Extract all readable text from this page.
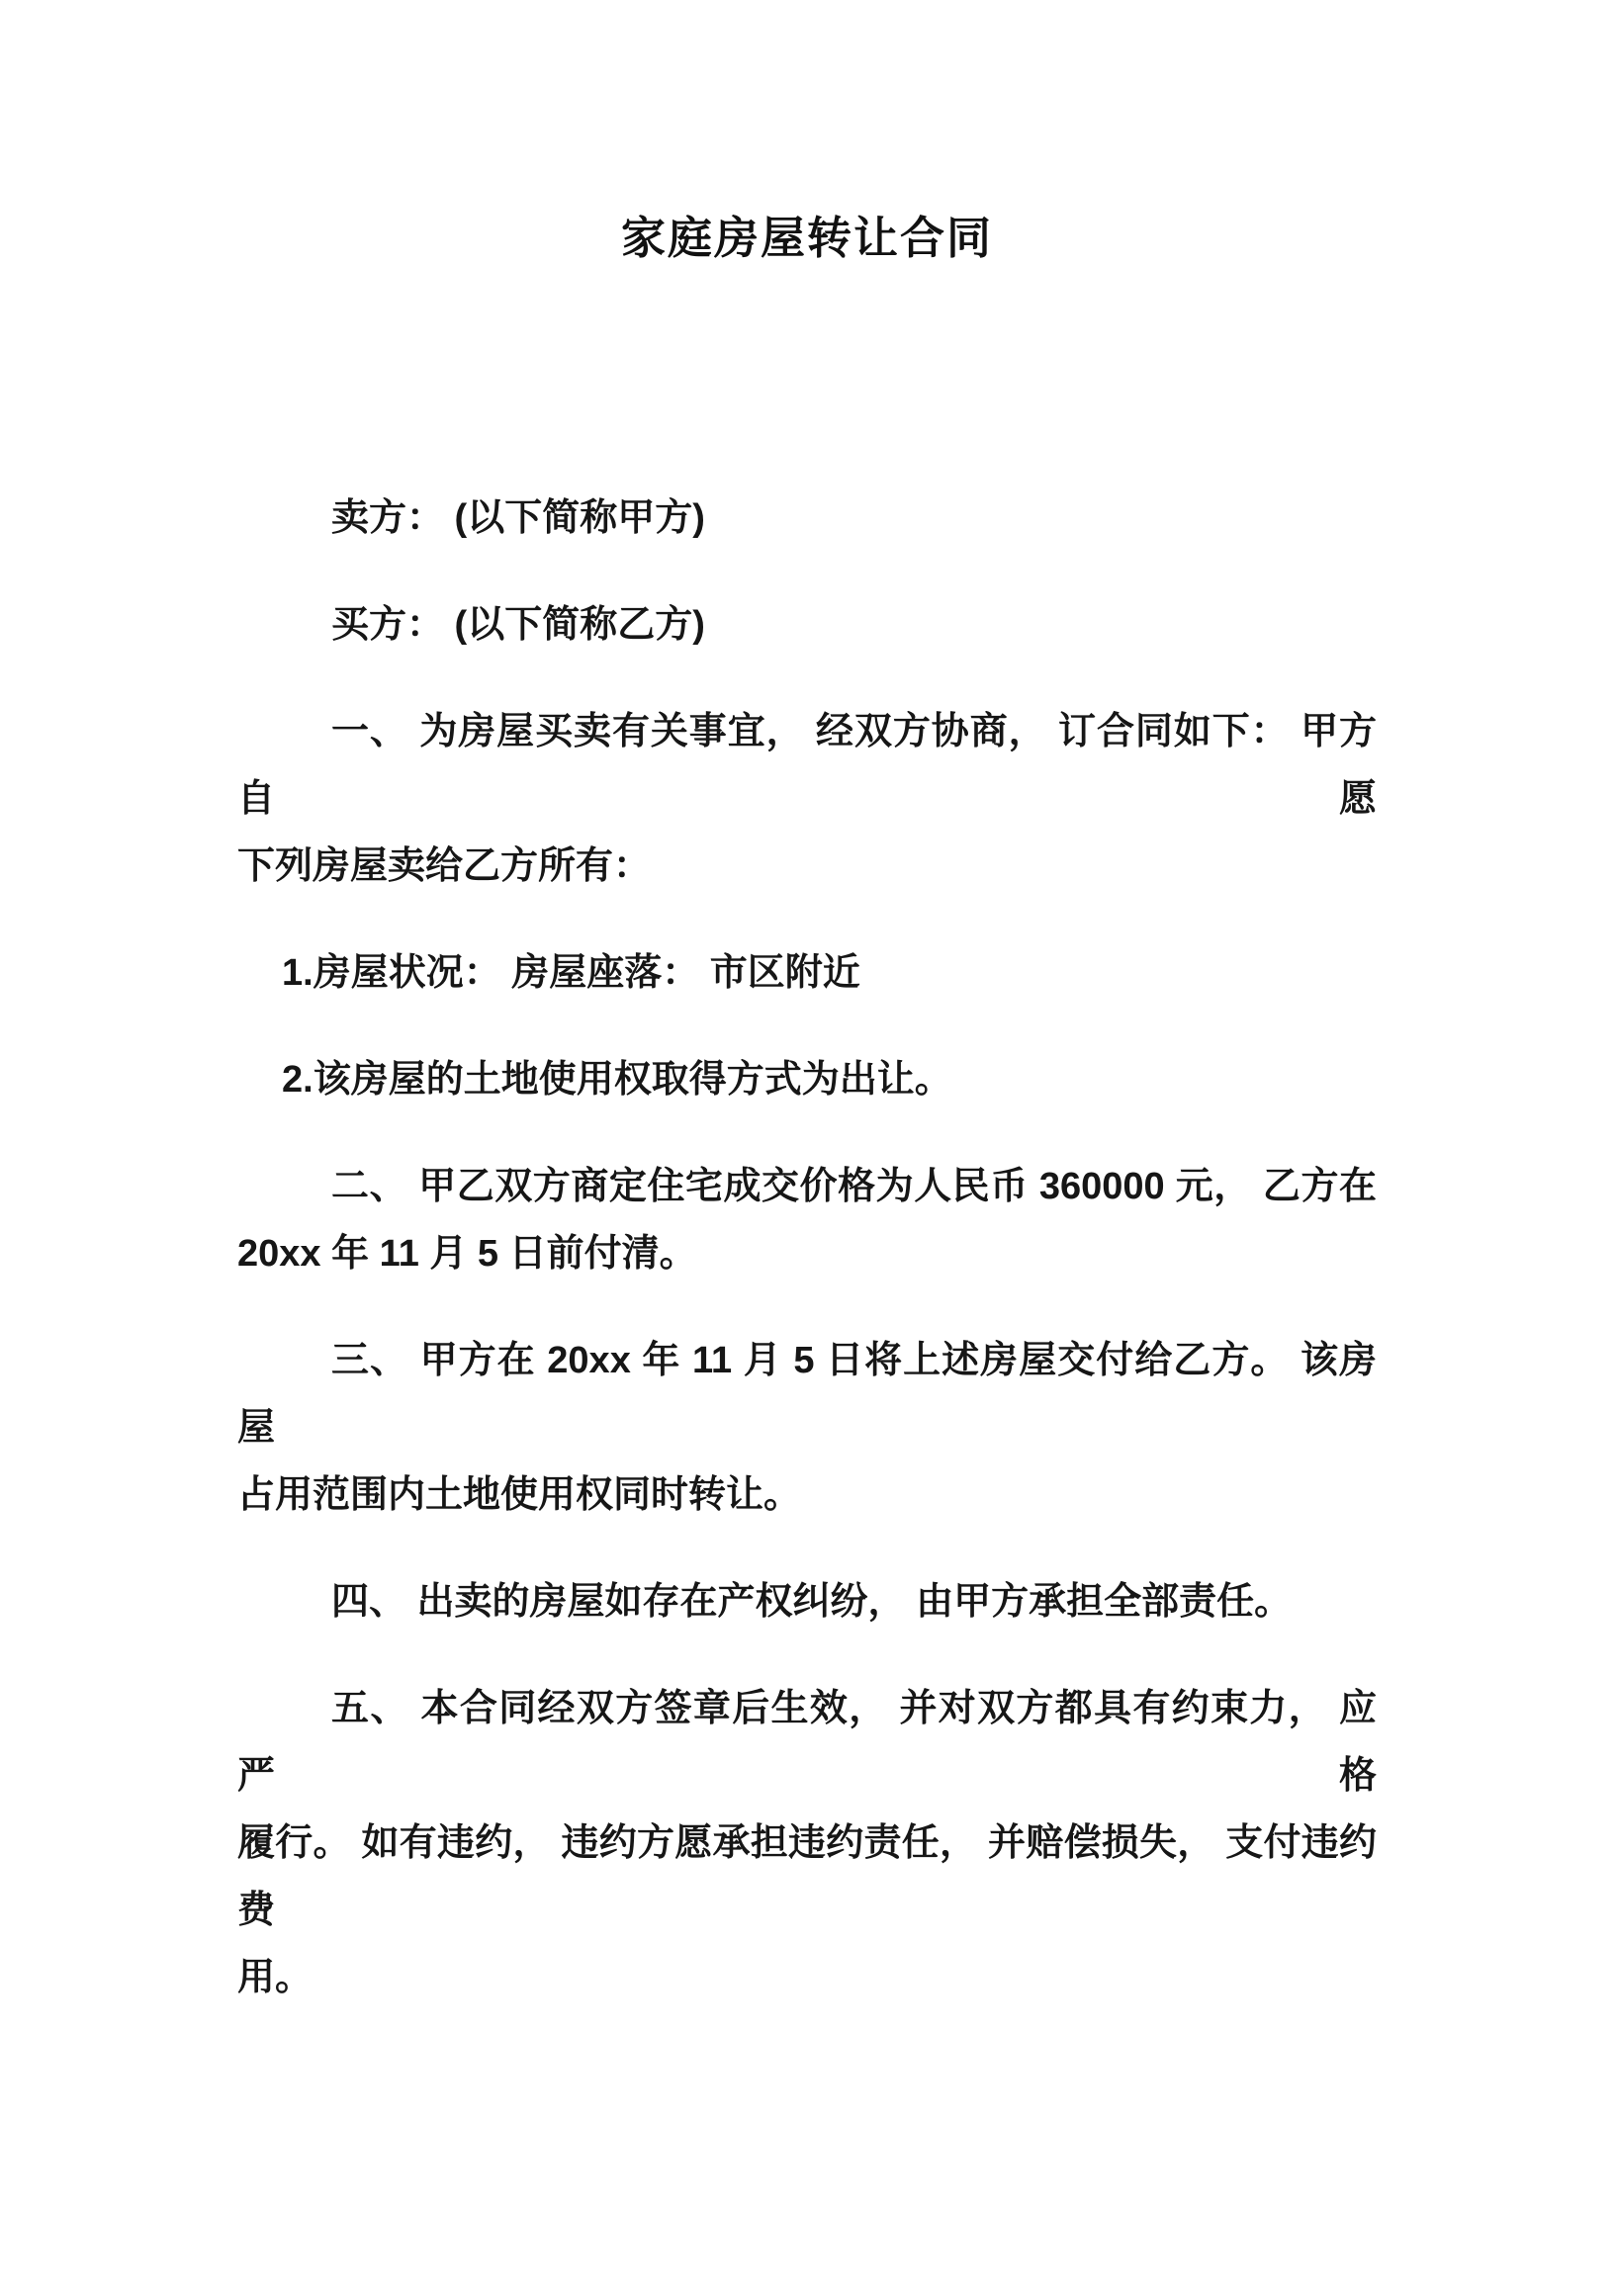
家庭房屋转让合同

卖方： (以下简称甲方)

买方： (以下简称乙方)

一、 为房屋买卖有关事宜， 经双方协商， 订合同如下： 甲方自愿
下列房屋卖给乙方所有：

1.房屋状况： 房屋座落： 市区附近

2.该房屋的土地使用权取得方式为出让。

二、 甲乙双方商定住宅成交价格为人民币 360000 元， 乙方在
20xx 年 11 月 5 日前付清。

三、 甲方在 20xx 年 11 月 5 日将上述房屋交付给乙方。 该房屋
占用范围内土地使用权同时转让。

四、 出卖的房屋如存在产权纠纷， 由甲方承担全部责任。

五、 本合同经双方签章后生效， 并对双方都具有约束力， 应严格
履行。 如有违约， 违约方愿承担违约责任， 并赔偿损失， 支付违约费
用。
